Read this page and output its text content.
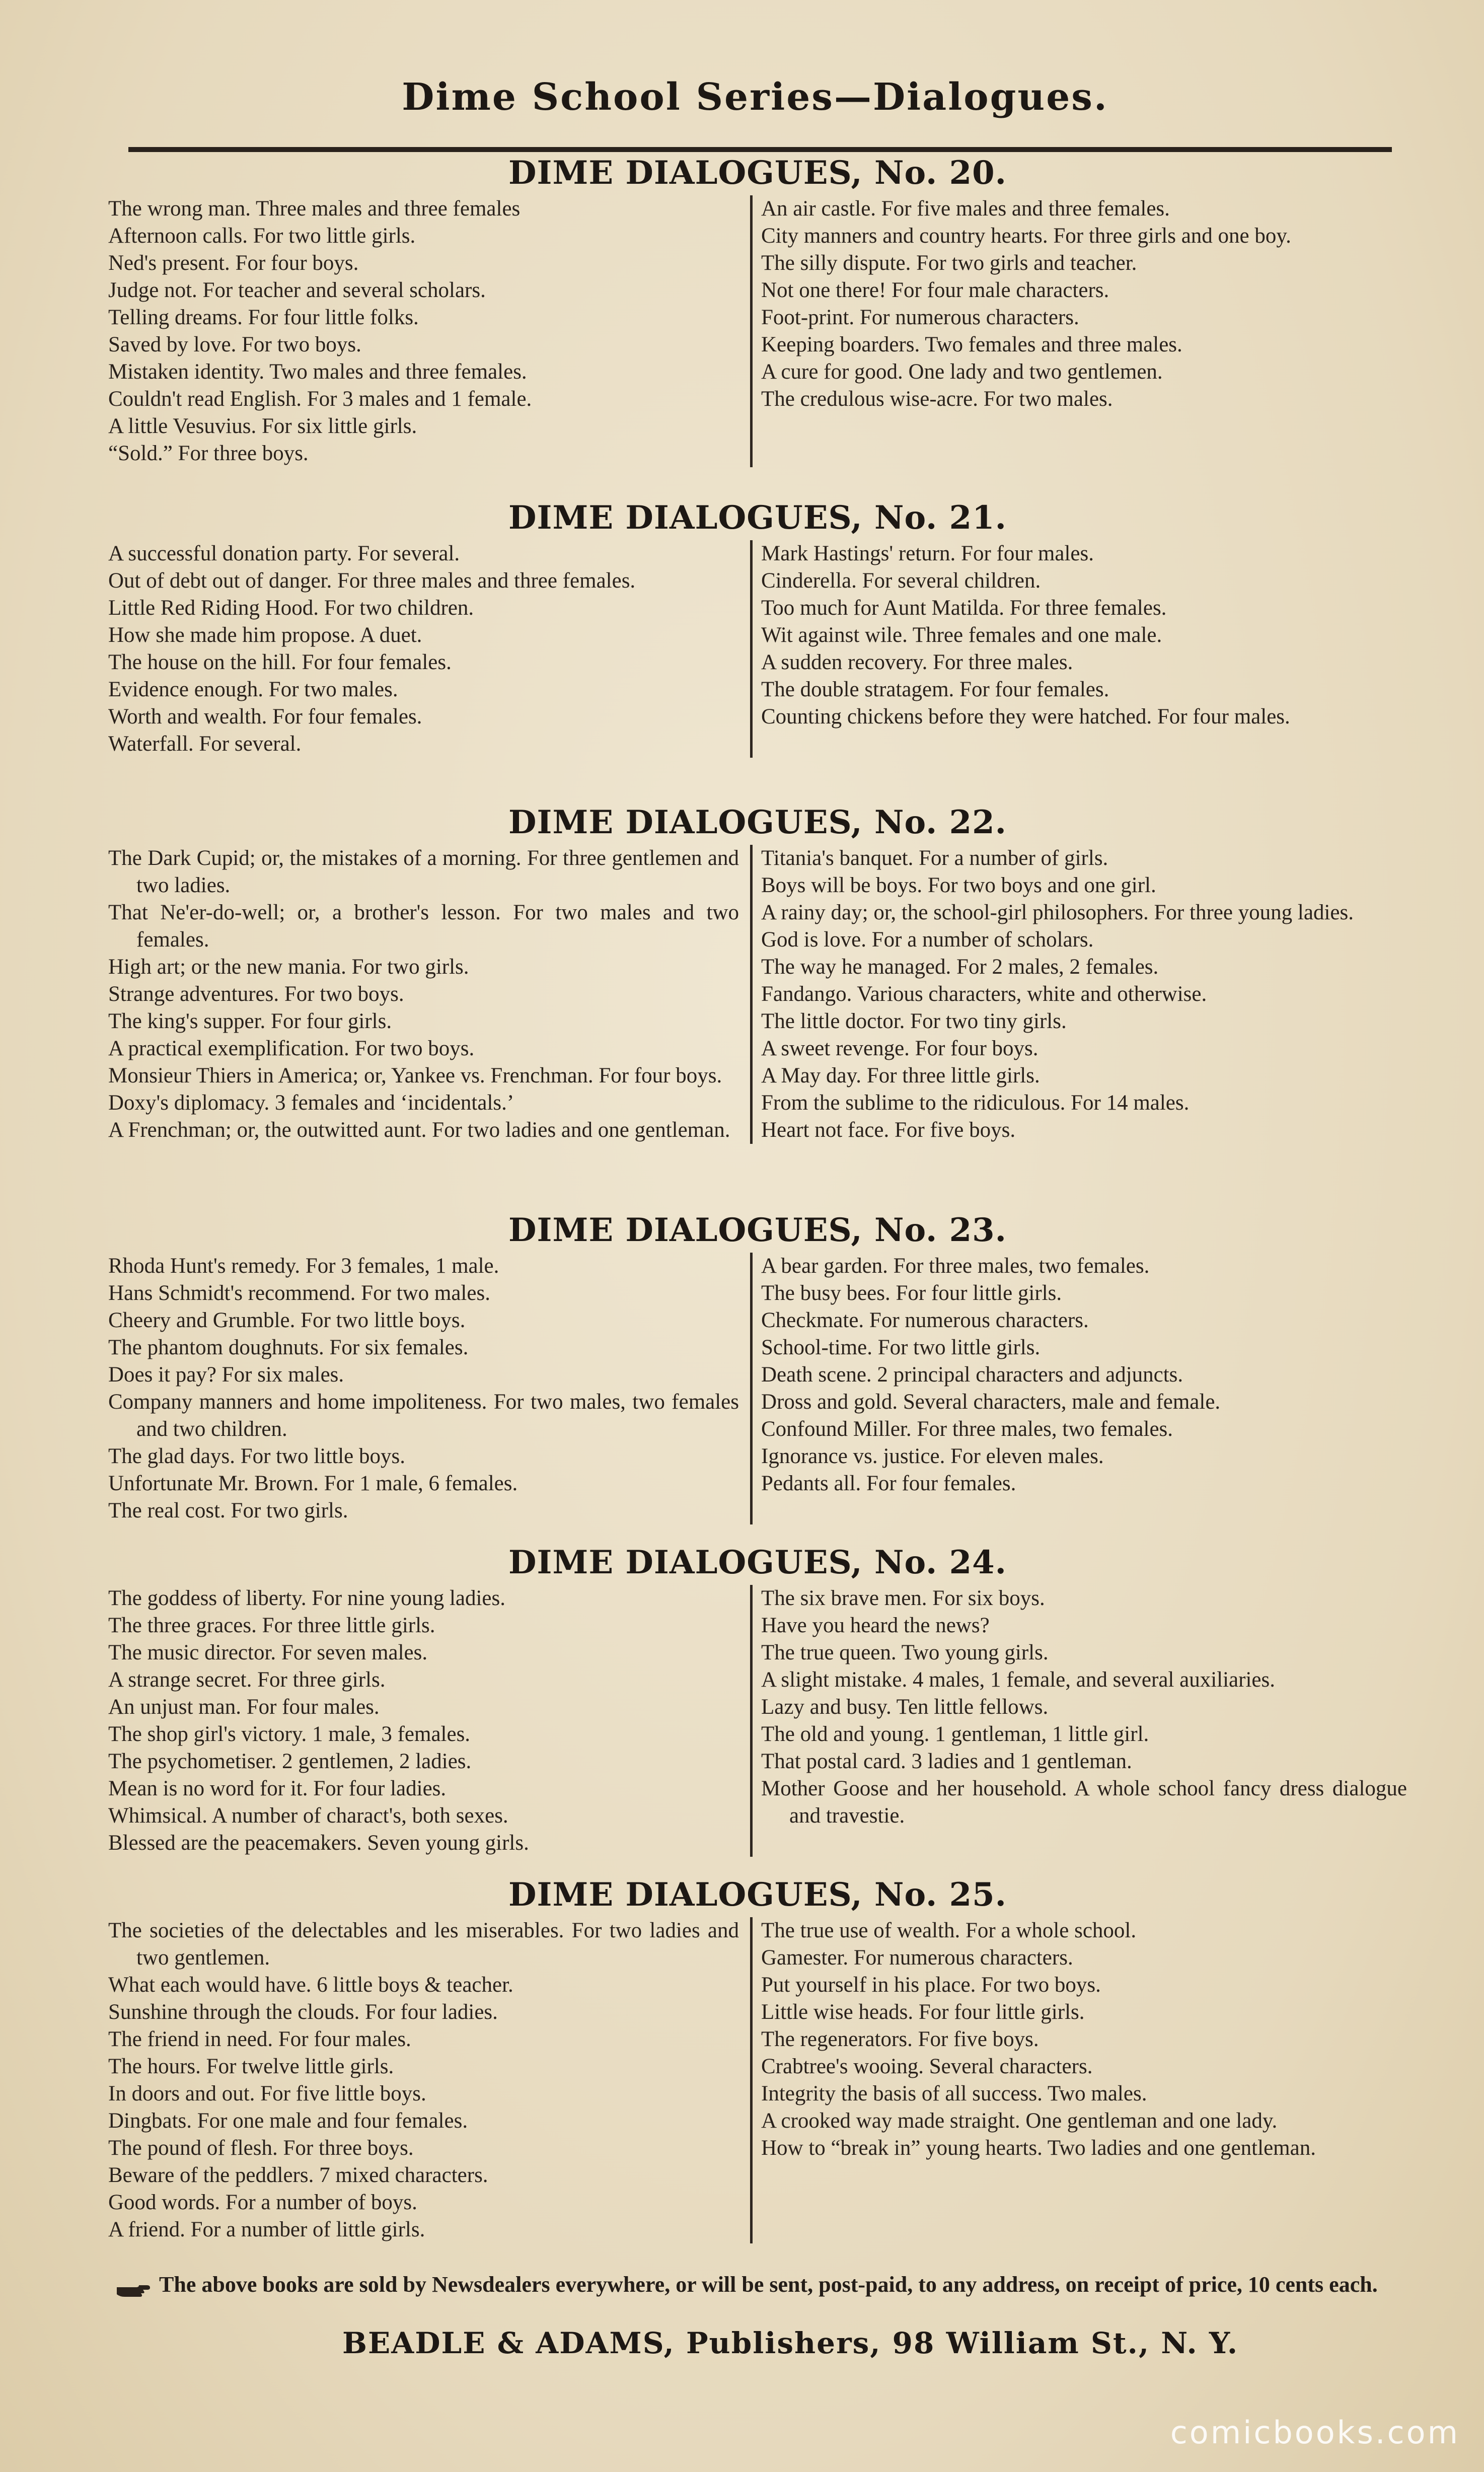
Dime School Series—Dialogues.
DIME DIALOGUES, No. 20.
The wrong man. Three males and three females
Afternoon calls. For two little girls.
Ned's present. For four boys.
Judge not. For teacher and several scholars.
Telling dreams. For four little folks.
Saved by love. For two boys.
Mistaken identity. Two males and three females.
Couldn't read English. For 3 males and 1 female.
A little Vesuvius. For six little girls.
“Sold.” For three boys.
An air castle. For five males and three females.
City manners and country hearts. For three girls and one boy.
The silly dispute. For two girls and teacher.
Not one there! For four male characters.
Foot-print. For numerous characters.
Keeping boarders. Two females and three males.
A cure for good. One lady and two gentlemen.
The credulous wise-acre. For two males.
DIME DIALOGUES, No. 21.
A successful donation party. For several.
Out of debt out of danger. For three males and three females.
Little Red Riding Hood. For two children.
How she made him propose. A duet.
The house on the hill. For four females.
Evidence enough. For two males.
Worth and wealth. For four females.
Waterfall. For several.
Mark Hastings' return. For four males.
Cinderella. For several children.
Too much for Aunt Matilda. For three females.
Wit against wile. Three females and one male.
A sudden recovery. For three males.
The double stratagem. For four females.
Counting chickens before they were hatched. For four males.
DIME DIALOGUES, No. 22.
The Dark Cupid; or, the mistakes of a morning. For three gentlemen and two ladies.
That Ne'er-do-well; or, a brother's lesson. For two males and two females.
High art; or the new mania. For two girls.
Strange adventures. For two boys.
The king's supper. For four girls.
A practical exemplification. For two boys.
Monsieur Thiers in America; or, Yankee vs. Frenchman. For four boys.
Doxy's diplomacy. 3 females and ‘incidentals.’
A Frenchman; or, the outwitted aunt. For two ladies and one gentleman.
Titania's banquet. For a number of girls.
Boys will be boys. For two boys and one girl.
A rainy day; or, the school-girl philosophers. For three young ladies.
God is love. For a number of scholars.
The way he managed. For 2 males, 2 females.
Fandango. Various characters, white and otherwise.
The little doctor. For two tiny girls.
A sweet revenge. For four boys.
A May day. For three little girls.
From the sublime to the ridiculous. For 14 males.
Heart not face. For five boys.
DIME DIALOGUES, No. 23.
Rhoda Hunt's remedy. For 3 females, 1 male.
Hans Schmidt's recommend. For two males.
Cheery and Grumble. For two little boys.
The phantom doughnuts. For six females.
Does it pay? For six males.
Company manners and home impoliteness. For two males, two females and two children.
The glad days. For two little boys.
Unfortunate Mr. Brown. For 1 male, 6 females.
The real cost. For two girls.
A bear garden. For three males, two females.
The busy bees. For four little girls.
Checkmate. For numerous characters.
School-time. For two little girls.
Death scene. 2 principal characters and adjuncts.
Dross and gold. Several characters, male and female.
Confound Miller. For three males, two females.
Ignorance vs. justice. For eleven males.
Pedants all. For four females.
DIME DIALOGUES, No. 24.
The goddess of liberty. For nine young ladies.
The three graces. For three little girls.
The music director. For seven males.
A strange secret. For three girls.
An unjust man. For four males.
The shop girl's victory. 1 male, 3 females.
The psychometiser. 2 gentlemen, 2 ladies.
Mean is no word for it. For four ladies.
Whimsical. A number of charact's, both sexes.
Blessed are the peacemakers. Seven young girls.
The six brave men. For six boys.
Have you heard the news?
The true queen. Two young girls.
A slight mistake. 4 males, 1 female, and several auxiliaries.
Lazy and busy. Ten little fellows.
The old and young. 1 gentleman, 1 little girl.
That postal card. 3 ladies and 1 gentleman.
Mother Goose and her household. A whole school fancy dress dialogue and travestie.
DIME DIALOGUES, No. 25.
The societies of the delectables and les miserables. For two ladies and two gentlemen.
What each would have. 6 little boys & teacher.
Sunshine through the clouds. For four ladies.
The friend in need. For four males.
The hours. For twelve little girls.
In doors and out. For five little boys.
Dingbats. For one male and four females.
The pound of flesh. For three boys.
Beware of the peddlers. 7 mixed characters.
Good words. For a number of boys.
A friend. For a number of little girls.
The true use of wealth. For a whole school.
Gamester. For numerous characters.
Put yourself in his place. For two boys.
Little wise heads. For four little girls.
The regenerators. For five boys.
Crabtree's wooing. Several characters.
Integrity the basis of all success. Two males.
A crooked way made straight. One gentleman and one lady.
How to “break in” young hearts. Two ladies and one gentleman.
The above books are sold by Newsdealers everywhere, or will be sent, post-paid, to any address, on receipt of price, 10 cents each.
BEADLE & ADAMS, Publishers, 98 William St., N. Y.
comicbooks.com
